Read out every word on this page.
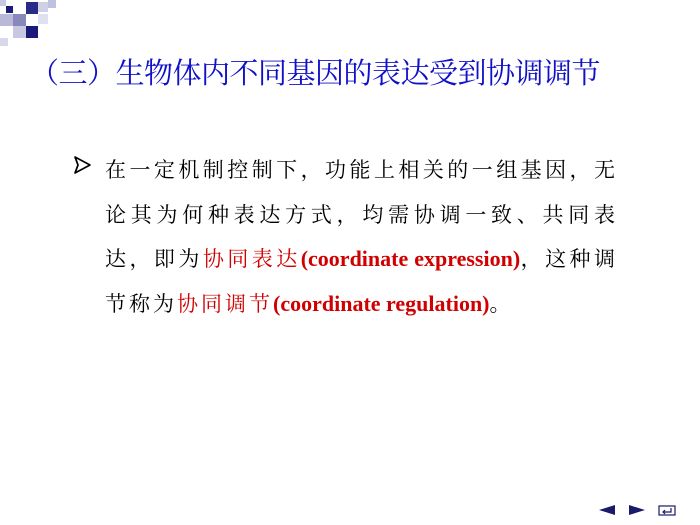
（三）生物体内不同基因的表达受到协调调节
在一定机制控制下，功能上相关的一组基因，无论其为何种表达方式，均需协调一致、共同表达，即为协同表达(coordinate expression)，这种调节称为协同调节(coordinate regulation)。
